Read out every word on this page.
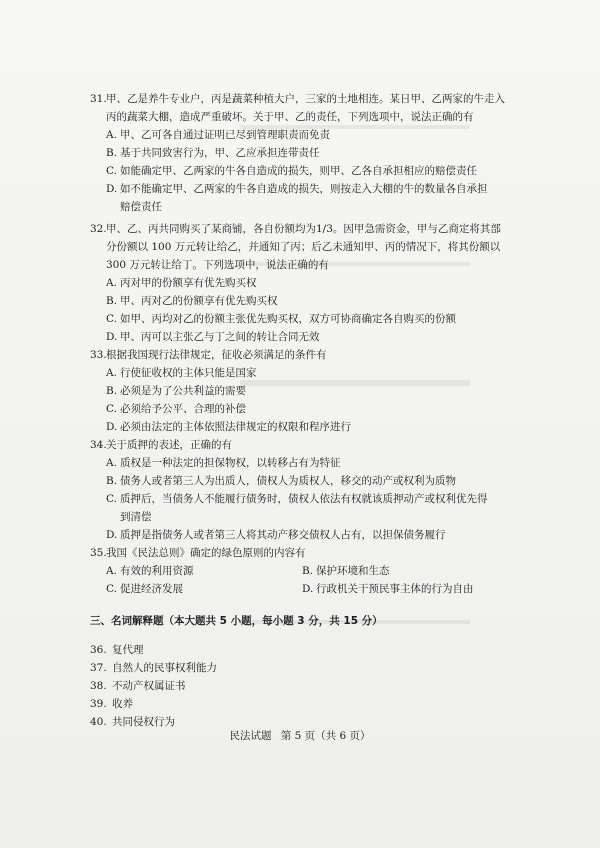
31.甲、乙是养牛专业户，丙是蔬菜种植大户，三家的土地相连。某日甲、乙两家的牛走入

丙的蔬菜大棚，造成严重破坏。关于甲、乙的责任，下列选项中，说法正确的有

A. 甲、乙可各自通过证明已尽到管理职责而免责

B. 基于共同致害行为，甲、乙应承担连带责任

C. 如能确定甲、乙两家的牛各自造成的损失，则甲、乙各自承担相应的赔偿责任

D. 如不能确定甲、乙两家的牛各自造成的损失，则按走入大棚的牛的数量各自承担

赔偿责任

32.甲、乙、丙共同购买了某商铺，各自份额均为1/3。因甲急需资金，甲与乙商定将其部

分份额以 100 万元转让给乙，并通知了丙；后乙未通知甲、丙的情况下，将其份额以

300 万元转让给丁。下列选项中，说法正确的有

A. 丙对甲的份额享有优先购买权

B. 甲、丙对乙的份额享有优先购买权

C. 如甲、丙均对乙的份额主张优先购买权，双方可协商确定各自购买的份额

D. 甲、丙可以主张乙与丁之间的转让合同无效

33.根据我国现行法律规定，征收必须满足的条件有

A. 行使征收权的主体只能是国家

B. 必须是为了公共利益的需要

C. 必须给予公平、合理的补偿

D. 必须由法定的主体依照法律规定的权限和程序进行

34.关于质押的表述，正确的有

A. 质权是一种法定的担保物权，以转移占有为特征

B. 债务人或者第三人为出质人，债权人为质权人，移交的动产或权利为质物

C. 质押后，当债务人不能履行债务时，债权人依法有权就该质押动产或权利优先得

到清偿

D. 质押是指债务人或者第三人将其动产移交债权人占有，以担保债务履行

35.我国《民法总则》确定的绿色原则的内容有

A. 有效的利用资源	B. 保护环境和生态
C. 促进经济发展	D. 行政机关干预民事主体的行为自由

三、名词解释题（本大题共 5 小题，每小题 3 分，共 15 分）

36. 复代理

37. 自然人的民事权利能力

38. 不动产权属证书

39. 收养

40. 共同侵权行为

民法试题 第 5 页（共 6 页）
